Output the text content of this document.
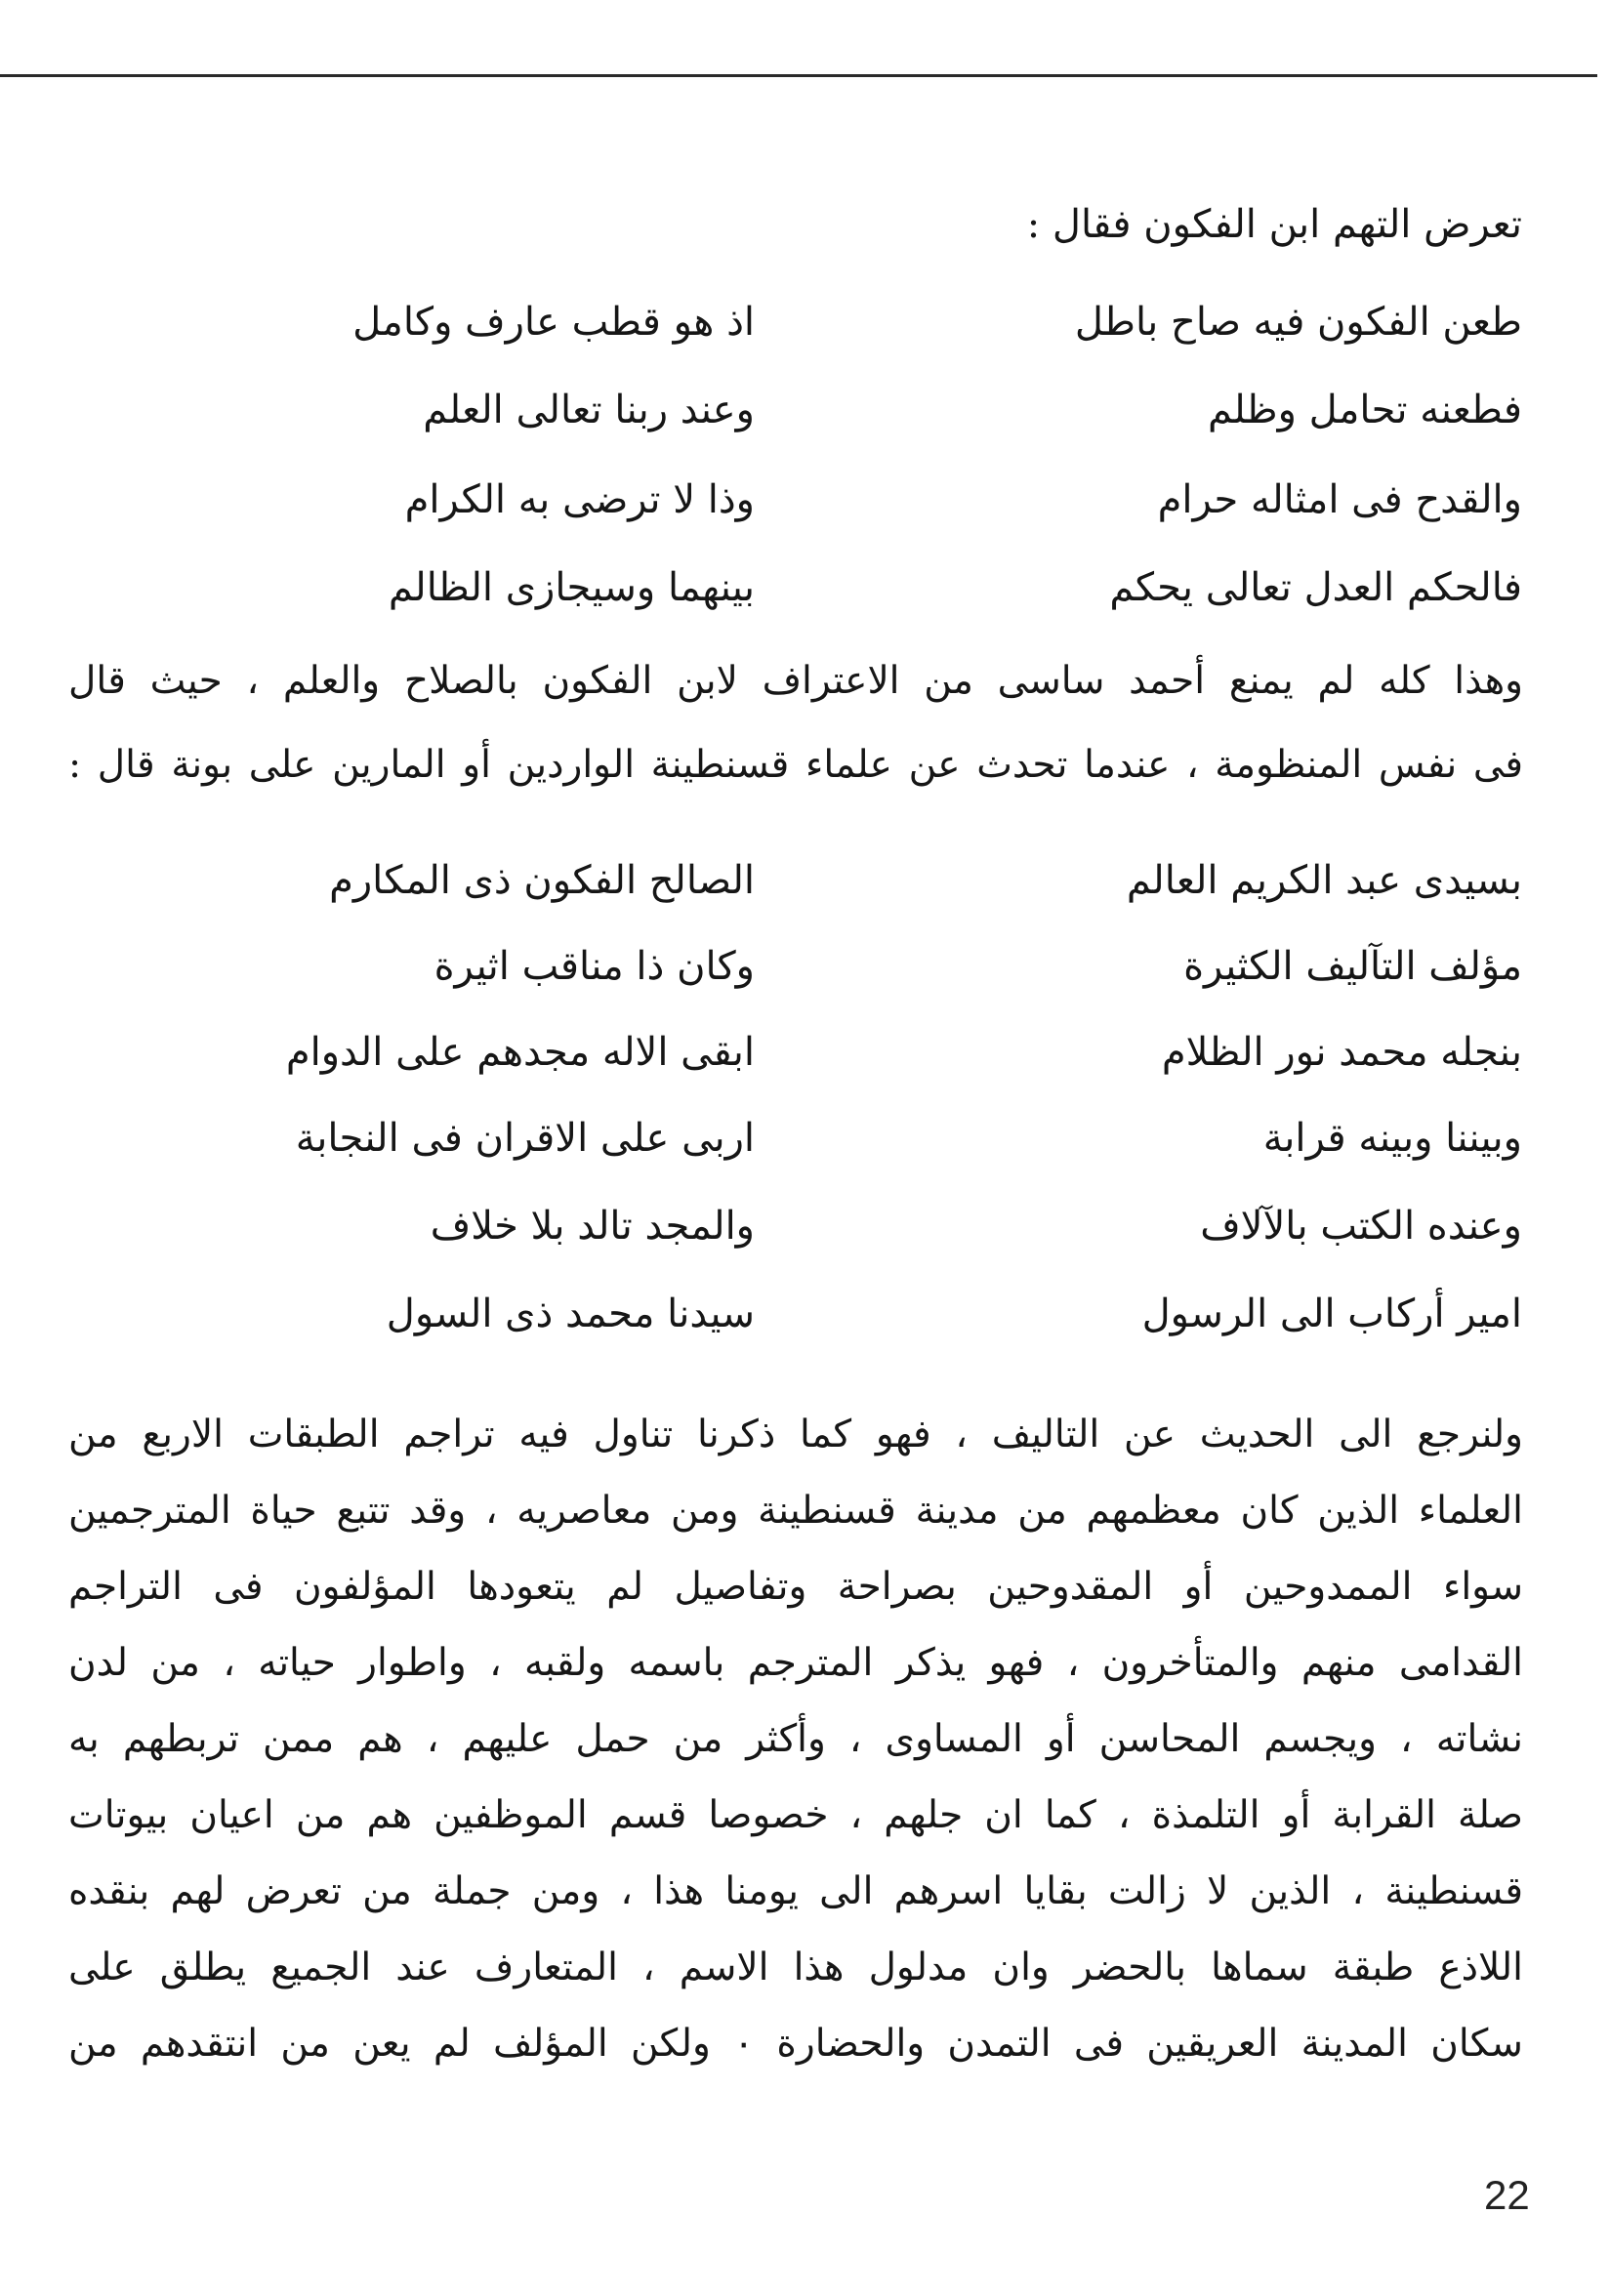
تعرض التهم ابن الفكون فقال :
طعن الفكون فيه صاح باطل
اذ هو قطب عارف وكامل
فطعنه تحامل وظلم
وعند ربنا تعالى العلم
والقدح فى امثاله حرام
وذا لا ترضى به الكرام
فالحكم العدل تعالى يحكم
بينهما وسيجازى الظالم
وهذا كله لم يمنع أحمد ساسى من الاعتراف لابن الفكون بالصلاح والعلم ، حيث قال
فى نفس المنظومة ، عندما تحدث عن علماء قسنطينة الواردين أو المارين على بونة قال :
بسيدى عبد الكريم العالم
الصالح الفكون ذى المكارم
مؤلف التآليف الكثيرة
وكان ذا مناقب اثيرة
بنجله محمد نور الظلام
ابقى الاله مجدهم على الدوام
وبيننا وبينه قرابة
اربى على الاقران فى النجابة
وعنده الكتب بالآلاف
والمجد تالد بلا خلاف
امير أركاب الى الرسول
سيدنا محمد ذى السول
ولنرجع الى الحديث عن التاليف ، فهو كما ذكرنا تناول فيه تراجم الطبقات الاربع من
العلماء الذين كان معظمهم من مدينة قسنطينة ومن معاصريه ، وقد تتبع حياة المترجمين
سواء الممدوحين أو المقدوحين بصراحة وتفاصيل لم يتعودها المؤلفون فى التراجم
القدامى منهم والمتأخرون ، فهو يذكر المترجم باسمه ولقبه ، واطوار حياته ، من لدن
نشاته ، ويجسم المحاسن أو المساوى ، وأكثر من حمل عليهم ، هم ممن تربطهم به
صلة القرابة أو التلمذة ، كما ان جلهم ، خصوصا قسم الموظفين هم من اعيان بيوتات
قسنطينة ، الذين لا زالت بقايا اسرهم الى يومنا هذا ، ومن جملة من تعرض لهم بنقده
اللاذع طبقة سماها بالحضر وان مدلول هذا الاسم ، المتعارف عند الجميع يطلق على
سكان المدينة العريقين فى التمدن والحضارة ٠ ولكن المؤلف لم يعن من انتقدهم من
22
